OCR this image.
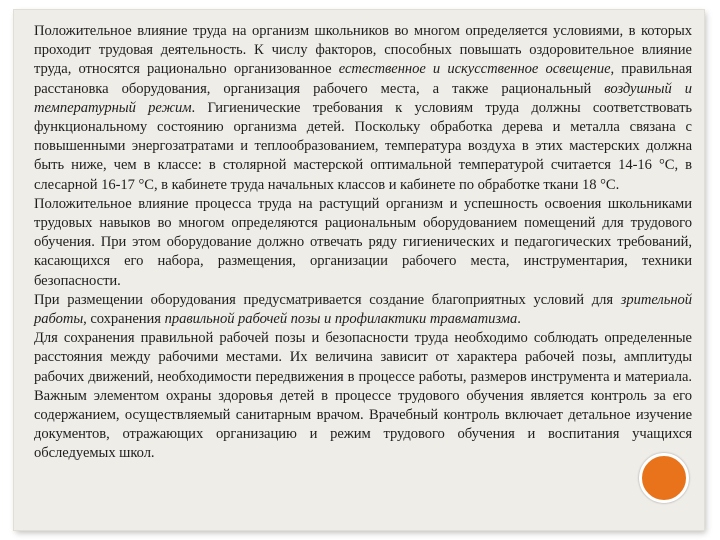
Положительное влияние труда на организм школьников во многом определяется условиями, в которых проходит трудовая деятельность. К числу факторов, способных повышать оздоровительное влияние труда, относятся рационально организованное естественное и искусственное освещение, правильная расстановка оборудования, организация рабочего места, а также рациональный воздушный и температурный режим. Гигиенические требования к условиям труда должны соответствовать функциональному состоянию организма детей. Поскольку обработка дерева и металла связана с повышенными энергозатратами и теплообразованием, температура воздуха в этих мастерских должна быть ниже, чем в классе: в столярной мастерской оптимальной температурой считается 14-16 °С, в слесарной 16-17 °С, в кабинете труда начальных классов и кабинете по обработке ткани 18 °С.

Положительное влияние процесса труда на растущий организм и успешность освоения школьниками трудовых навыков во многом определяются рациональным оборудованием помещений для трудового обучения. При этом оборудование должно отвечать ряду гигиенических и педагогических требований, касающихся его набора, размещения, организации рабочего места, инструментария, техники безопасности.

При размещении оборудования предусматривается создание благоприятных условий для зрительной работы, сохранения правильной рабочей позы и профилактики травматизма.

Для сохранения правильной рабочей позы и безопасности труда необходимо соблюдать определенные расстояния между рабочими местами. Их величина зависит от характера рабочей позы, амплитуды рабочих движений, необходимости передвижения в процессе работы, размеров инструмента и материала. Важным элементом охраны здоровья детей в процессе трудового обучения является контроль за его содержанием, осуществляемый санитарным врачом. Врачебный контроль включает детальное изучение документов, отражающих организацию и режим трудового обучения и воспитания учащихся обследуемых школ.
